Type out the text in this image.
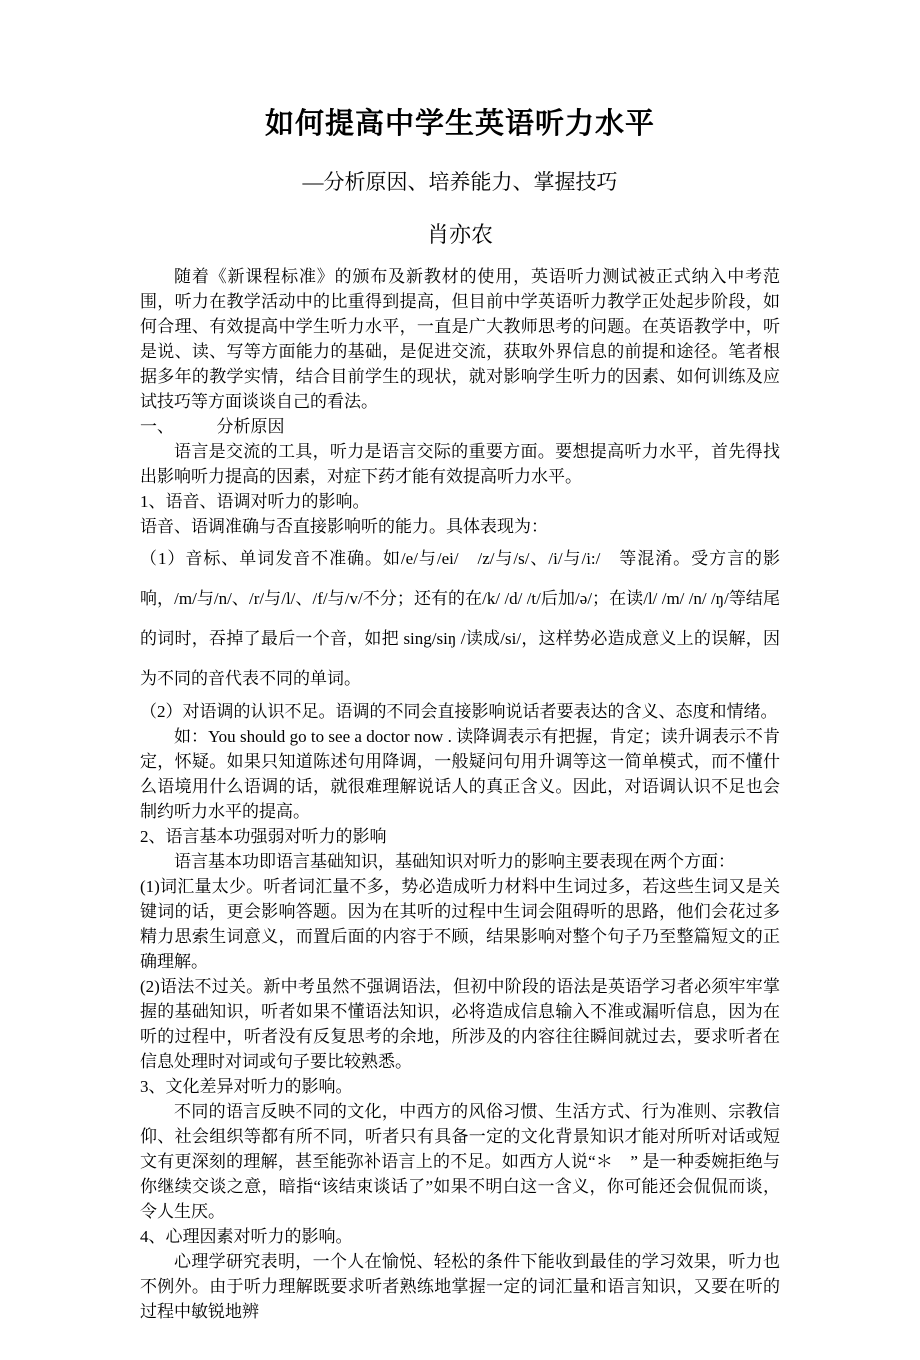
如何提高中学生英语听力水平
—分析原因、培养能力、掌握技巧
肖亦农

随着《新课程标准》的颁布及新教材的使用，英语听力测试被正式纳入中考范围，听力在教学活动中的比重得到提高，但目前中学英语听力教学正处起步阶段，如何合理、有效提高中学生听力水平，一直是广大教师思考的问题。在英语教学中，听是说、读、写等方面能力的基础，是促进交流，获取外界信息的前提和途径。笔者根据多年的教学实情，结合目前学生的现状，就对影响学生听力的因素、如何训练及应试技巧等方面谈谈自己的看法。

一、　　　分析原因

语言是交流的工具，听力是语言交际的重要方面。要想提高听力水平，首先得找出影响听力提高的因素，对症下药才能有效提高听力水平。

1、语音、语调对听力的影响。

语音、语调准确与否直接影响听的能力。具体表现为：

（1）音标、单词发音不准确。如/e/与/ei/　/z/与/s/、/i/与/i:/　等混淆。受方言的影响，/m/与/n/、/r/与/l/、/f/与/v/不分；还有的在/k/ /d/ /t/后加/ə/；在读/l/ /m/ /n/ /ŋ/等结尾的词时，吞掉了最后一个音，如把 sing/siŋ /读成/si/，这样势必造成意义上的误解，因为不同的音代表不同的单词。

（2）对语调的认识不足。语调的不同会直接影响说话者要表达的含义、态度和情绪。

如：You should go to see a doctor now . 读降调表示有把握，肯定；读升调表示不肯定，怀疑。如果只知道陈述句用降调，一般疑问句用升调等这一简单模式，而不懂什么语境用什么语调的话，就很难理解说话人的真正含义。因此，对语调认识不足也会制约听力水平的提高。

2、语言基本功强弱对听力的影响

语言基本功即语言基础知识，基础知识对听力的影响主要表现在两个方面：

(1)词汇量太少。听者词汇量不多，势必造成听力材料中生词过多，若这些生词又是关键词的话，更会影响答题。因为在其听的过程中生词会阻碍听的思路，他们会花过多精力思索生词意义，而置后面的内容于不顾，结果影响对整个句子乃至整篇短文的正确理解。

(2)语法不过关。新中考虽然不强调语法，但初中阶段的语法是英语学习者必须牢牢掌握的基础知识，听者如果不懂语法知识，必将造成信息输入不准或漏听信息，因为在听的过程中，听者没有反复思考的余地，所涉及的内容往往瞬间就过去，要求听者在信息处理时对词或句子要比较熟悉。

3、文化差异对听力的影响。

不同的语言反映不同的文化，中西方的风俗习惯、生活方式、行为准则、宗教信仰、社会组织等都有所不同，听者只有具备一定的文化背景知识才能对所听对话或短文有更深刻的理解，甚至能弥补语言上的不足。如西方人说“＊　” 是一种委婉拒绝与你继续交谈之意，暗指“该结束谈话了”如果不明白这一含义，你可能还会侃侃而谈，令人生厌。

4、心理因素对听力的影响。

心理学研究表明，一个人在愉悦、轻松的条件下能收到最佳的学习效果，听力也不例外。由于听力理解既要求听者熟练地掌握一定的词汇量和语言知识，又要在听的过程中敏锐地辨
